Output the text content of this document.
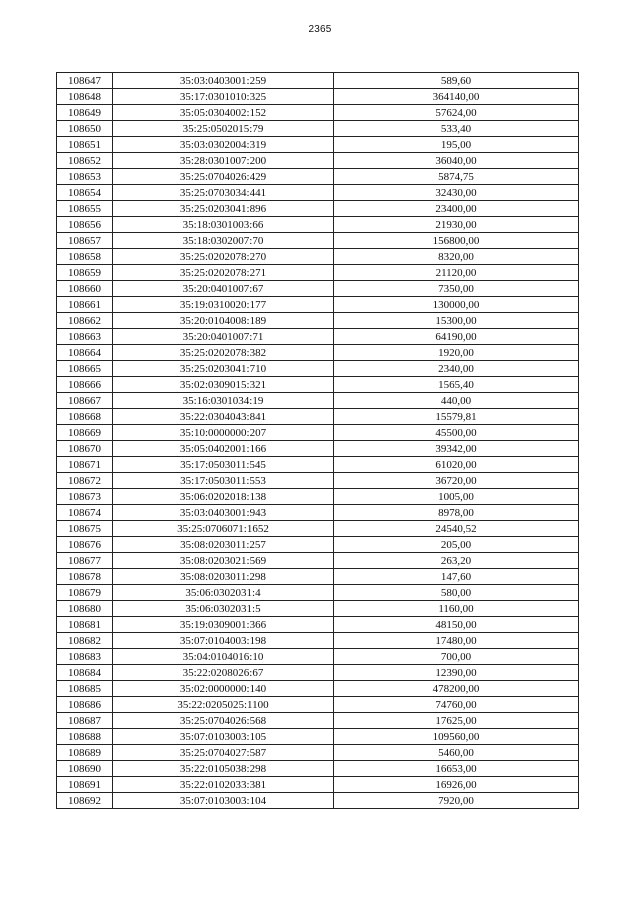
2365
108647	35:03:0403001:259	589,60
108648	35:17:0301010:325	364140,00
108649	35:05:0304002:152	57624,00
108650	35:25:0502015:79	533,40
108651	35:03:0302004:319	195,00
108652	35:28:0301007:200	36040,00
108653	35:25:0704026:429	5874,75
108654	35:25:0703034:441	32430,00
108655	35:25:0203041:896	23400,00
108656	35:18:0301003:66	21930,00
108657	35:18:0302007:70	156800,00
108658	35:25:0202078:270	8320,00
108659	35:25:0202078:271	21120,00
108660	35:20:0401007:67	7350,00
108661	35:19:0310020:177	130000,00
108662	35:20:0104008:189	15300,00
108663	35:20:0401007:71	64190,00
108664	35:25:0202078:382	1920,00
108665	35:25:0203041:710	2340,00
108666	35:02:0309015:321	1565,40
108667	35:16:0301034:19	440,00
108668	35:22:0304043:841	15579,81
108669	35:10:0000000:207	45500,00
108670	35:05:0402001:166	39342,00
108671	35:17:0503011:545	61020,00
108672	35:17:0503011:553	36720,00
108673	35:06:0202018:138	1005,00
108674	35:03:0403001:943	8978,00
108675	35:25:0706071:1652	24540,52
108676	35:08:0203011:257	205,00
108677	35:08:0203021:569	263,20
108678	35:08:0203011:298	147,60
108679	35:06:0302031:4	580,00
108680	35:06:0302031:5	1160,00
108681	35:19:0309001:366	48150,00
108682	35:07:0104003:198	17480,00
108683	35:04:0104016:10	700,00
108684	35:22:0208026:67	12390,00
108685	35:02:0000000:140	478200,00
108686	35:22:0205025:1100	74760,00
108687	35:25:0704026:568	17625,00
108688	35:07:0103003:105	109560,00
108689	35:25:0704027:587	5460,00
108690	35:22:0105038:298	16653,00
108691	35:22:0102033:381	16926,00
108692	35:07:0103003:104	7920,00
